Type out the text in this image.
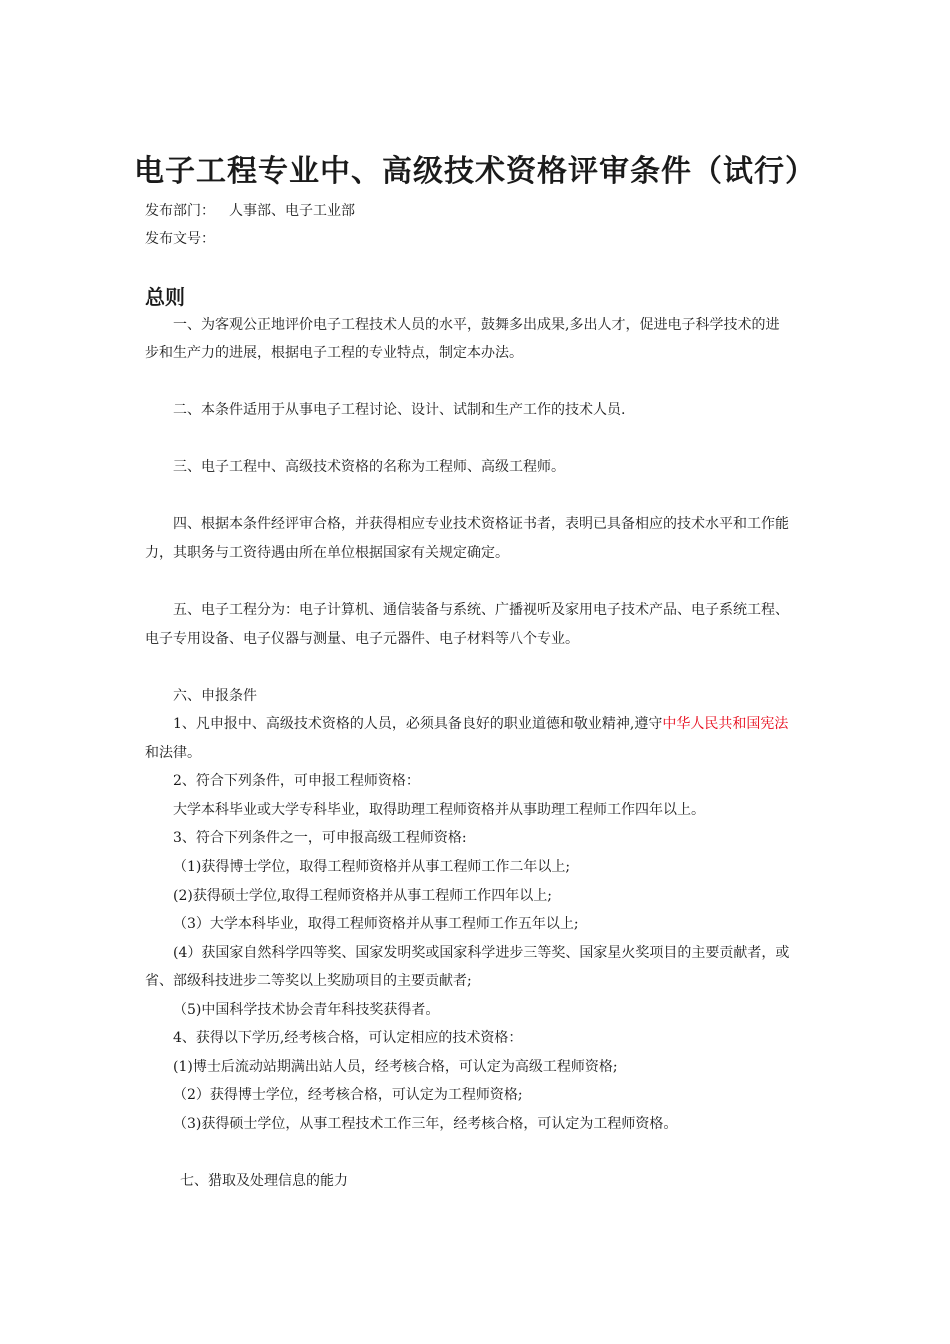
电子工程专业中、高级技术资格评审条件（试行）
发布部门： 人事部、电子工业部
发布文号：
总则
一、为客观公正地评价电子工程技术人员的水平，鼓舞多出成果,多出人才，促进电子科学技术的进
步和生产力的进展，根据电子工程的专业特点，制定本办法。
二、本条件适用于从事电子工程讨论、设计、试制和生产工作的技术人员.
三、电子工程中、高级技术资格的名称为工程师、高级工程师。
四、根据本条件经评审合格，并获得相应专业技术资格证书者，表明已具备相应的技术水平和工作能
力，其职务与工资待遇由所在单位根据国家有关规定确定。
五、电子工程分为：电子计算机、通信装备与系统、广播视听及家用电子技术产品、电子系统工程、
电子专用设备、电子仪器与测量、电子元器件、电子材料等八个专业。
六、申报条件
1、凡申报中、高级技术资格的人员，必须具备良好的职业道德和敬业精神,遵守中华人民共和国宪法
和法律。
2、符合下列条件，可申报工程师资格：
大学本科毕业或大学专科毕业，取得助理工程师资格并从事助理工程师工作四年以上。
3、符合下列条件之一，可申报高级工程师资格:
（1)获得博士学位，取得工程师资格并从事工程师工作二年以上;
(2)获得硕士学位,取得工程师资格并从事工程师工作四年以上;
（3）大学本科毕业，取得工程师资格并从事工程师工作五年以上;
(4）获国家自然科学四等奖、国家发明奖或国家科学进步三等奖、国家星火奖项目的主要贡献者，或
省、部级科技进步二等奖以上奖励项目的主要贡献者;
（5)中国科学技术协会青年科技奖获得者。
4、获得以下学历,经考核合格，可认定相应的技术资格：
(1)博士后流动站期满出站人员，经考核合格，可认定为高级工程师资格;
（2）获得博士学位，经考核合格，可认定为工程师资格;
（3)获得硕士学位，从事工程技术工作三年，经考核合格，可认定为工程师资格。
七、猎取及处理信息的能力
